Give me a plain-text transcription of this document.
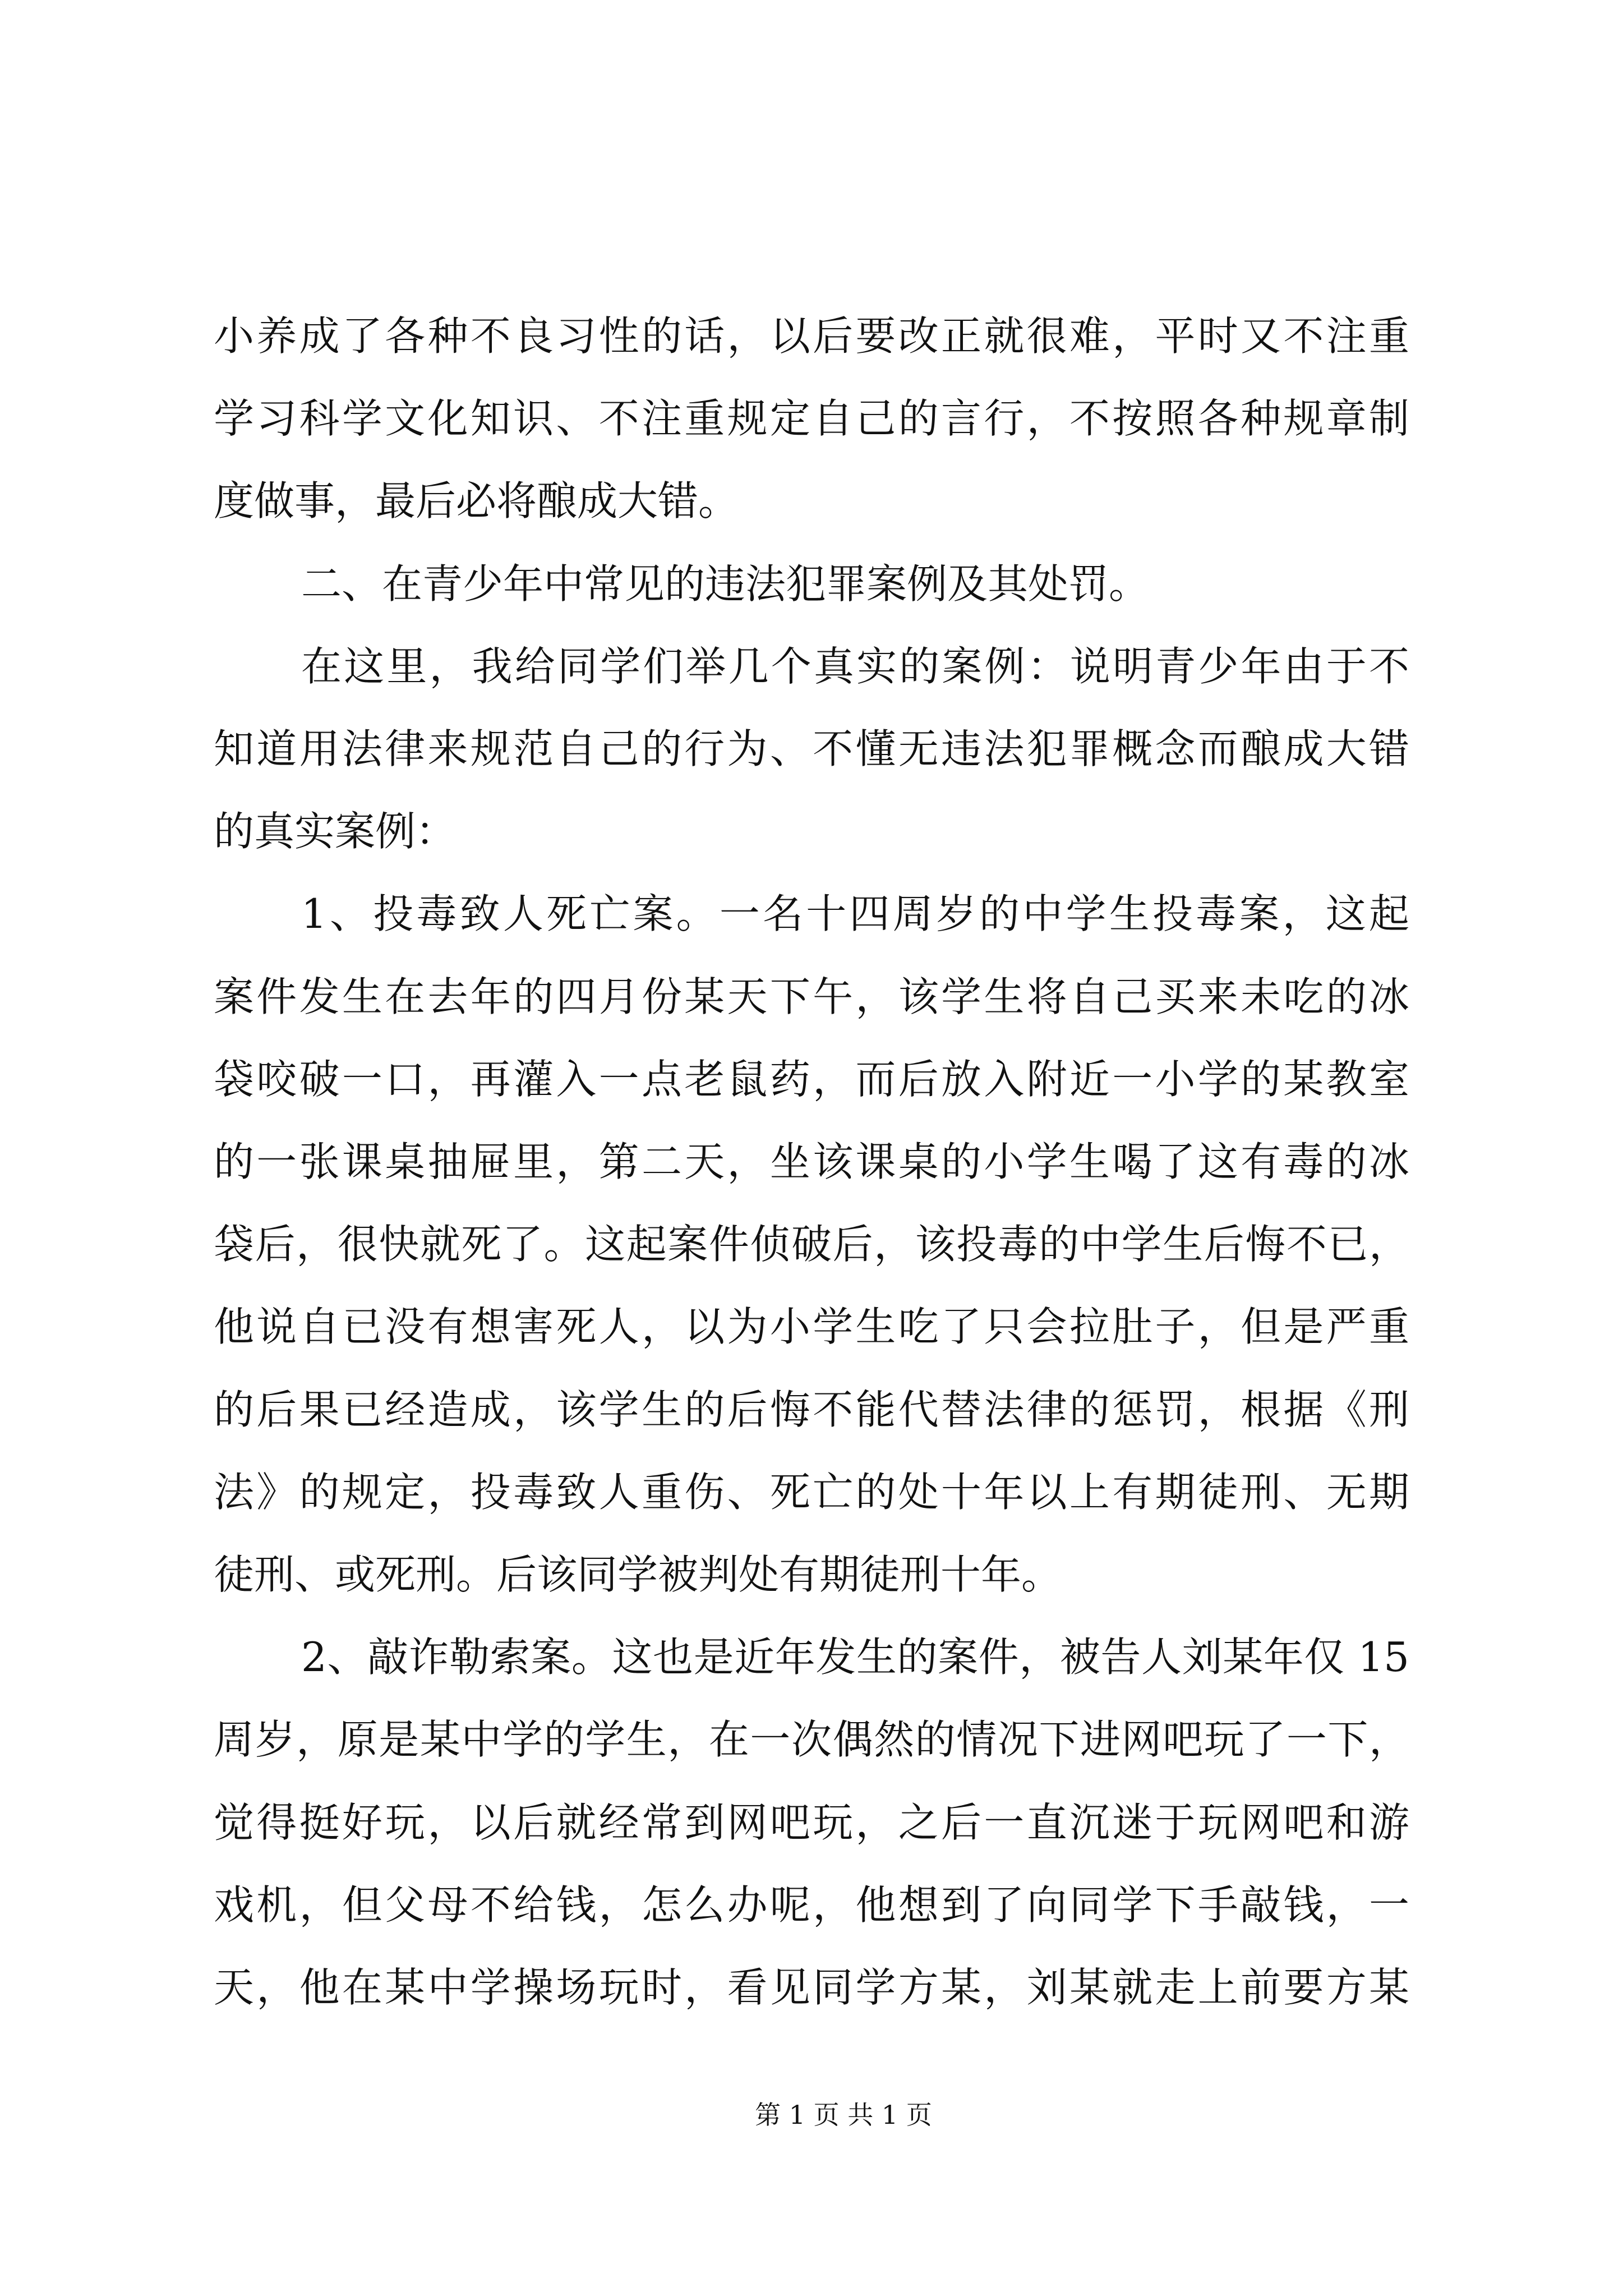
小养成了各种不良习性的话，以后要改正就很难，平时又不注重
学习科学文化知识、不注重规定自己的言行，不按照各种规章制
度做事，最后必将酿成大错。
二、在青少年中常见的违法犯罪案例及其处罚。
在这里，我给同学们举几个真实的案例：说明青少年由于不
知道用法律来规范自己的行为、不懂无违法犯罪概念而酿成大错
的真实案例：
1、投毒致人死亡案。一名十四周岁的中学生投毒案，这起
案件发生在去年的四月份某天下午，该学生将自己买来未吃的冰
袋咬破一口，再灌入一点老鼠药，而后放入附近一小学的某教室
的一张课桌抽屉里，第二天，坐该课桌的小学生喝了这有毒的冰
袋后，很快就死了。这起案件侦破后，该投毒的中学生后悔不已，
他说自已没有想害死人，以为小学生吃了只会拉肚子，但是严重
的后果已经造成，该学生的后悔不能代替法律的惩罚，根据《刑
法》的规定，投毒致人重伤、死亡的处十年以上有期徒刑、无期
徒刑、或死刑。后该同学被判处有期徒刑十年。
2、敲诈勒索案。这也是近年发生的案件，被告人刘某年仅 15
周岁，原是某中学的学生，在一次偶然的情况下进网吧玩了一下，
觉得挺好玩，以后就经常到网吧玩，之后一直沉迷于玩网吧和游
戏机，但父母不给钱，怎么办呢，他想到了向同学下手敲钱，一
天，他在某中学操场玩时，看见同学方某，刘某就走上前要方某
第 1 页 共 1 页
